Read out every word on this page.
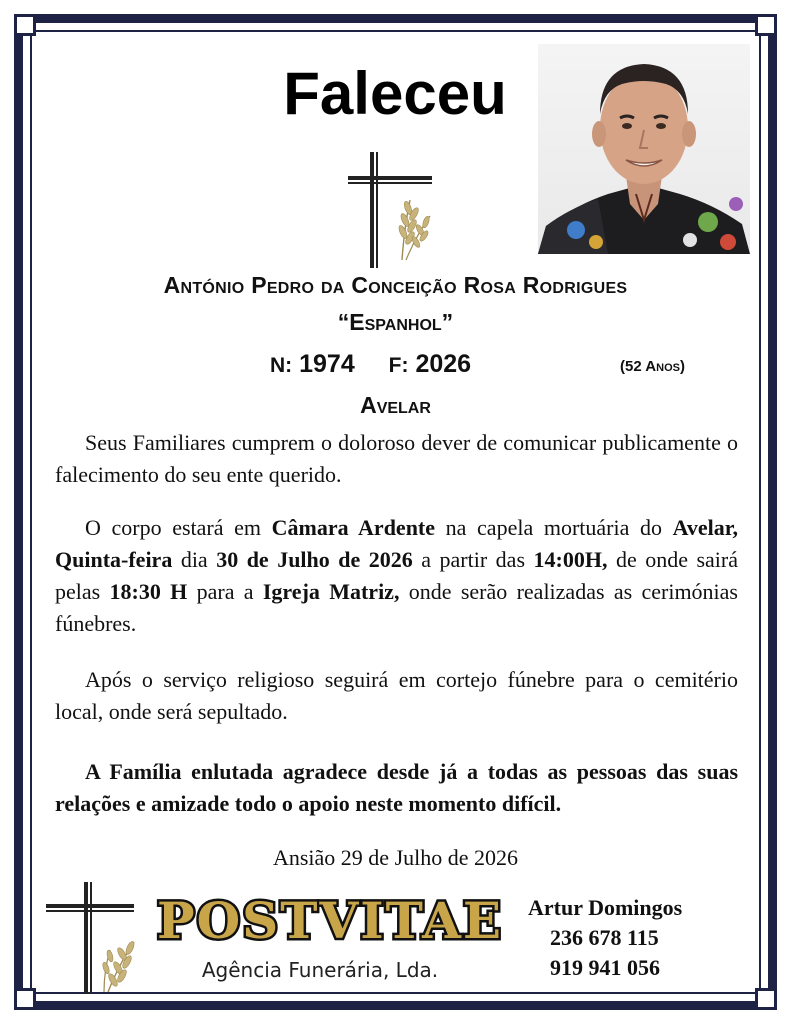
Faleceu
António Pedro da Conceição Rosa Rodrigues
“Espanhol”
N: 1974 F: 2026	(52 Anos)
Avelar
Seus Familiares cumprem o doloroso dever de comunicar publicamente o falecimento do seu ente querido.
O corpo estará em Câmara Ardente na capela mortuária do Avelar, Quinta-feira dia 30 de Julho de 2026 a partir das 14:00H, de onde sairá pelas 18:30 H para a Igreja Matriz, onde serão realizadas as cerimónias fúnebres.
Após o serviço religioso seguirá em cortejo fúnebre para o cemitério local, onde será sepultado.
A Família enlutada agradece desde já a todas as pessoas das suas relações e amizade todo o apoio neste momento difícil.
Ansião 29 de Julho de 2026
POSTVITAE
Agência Funerária, Lda.
Artur Domingos
236 678 115
919 941 056
